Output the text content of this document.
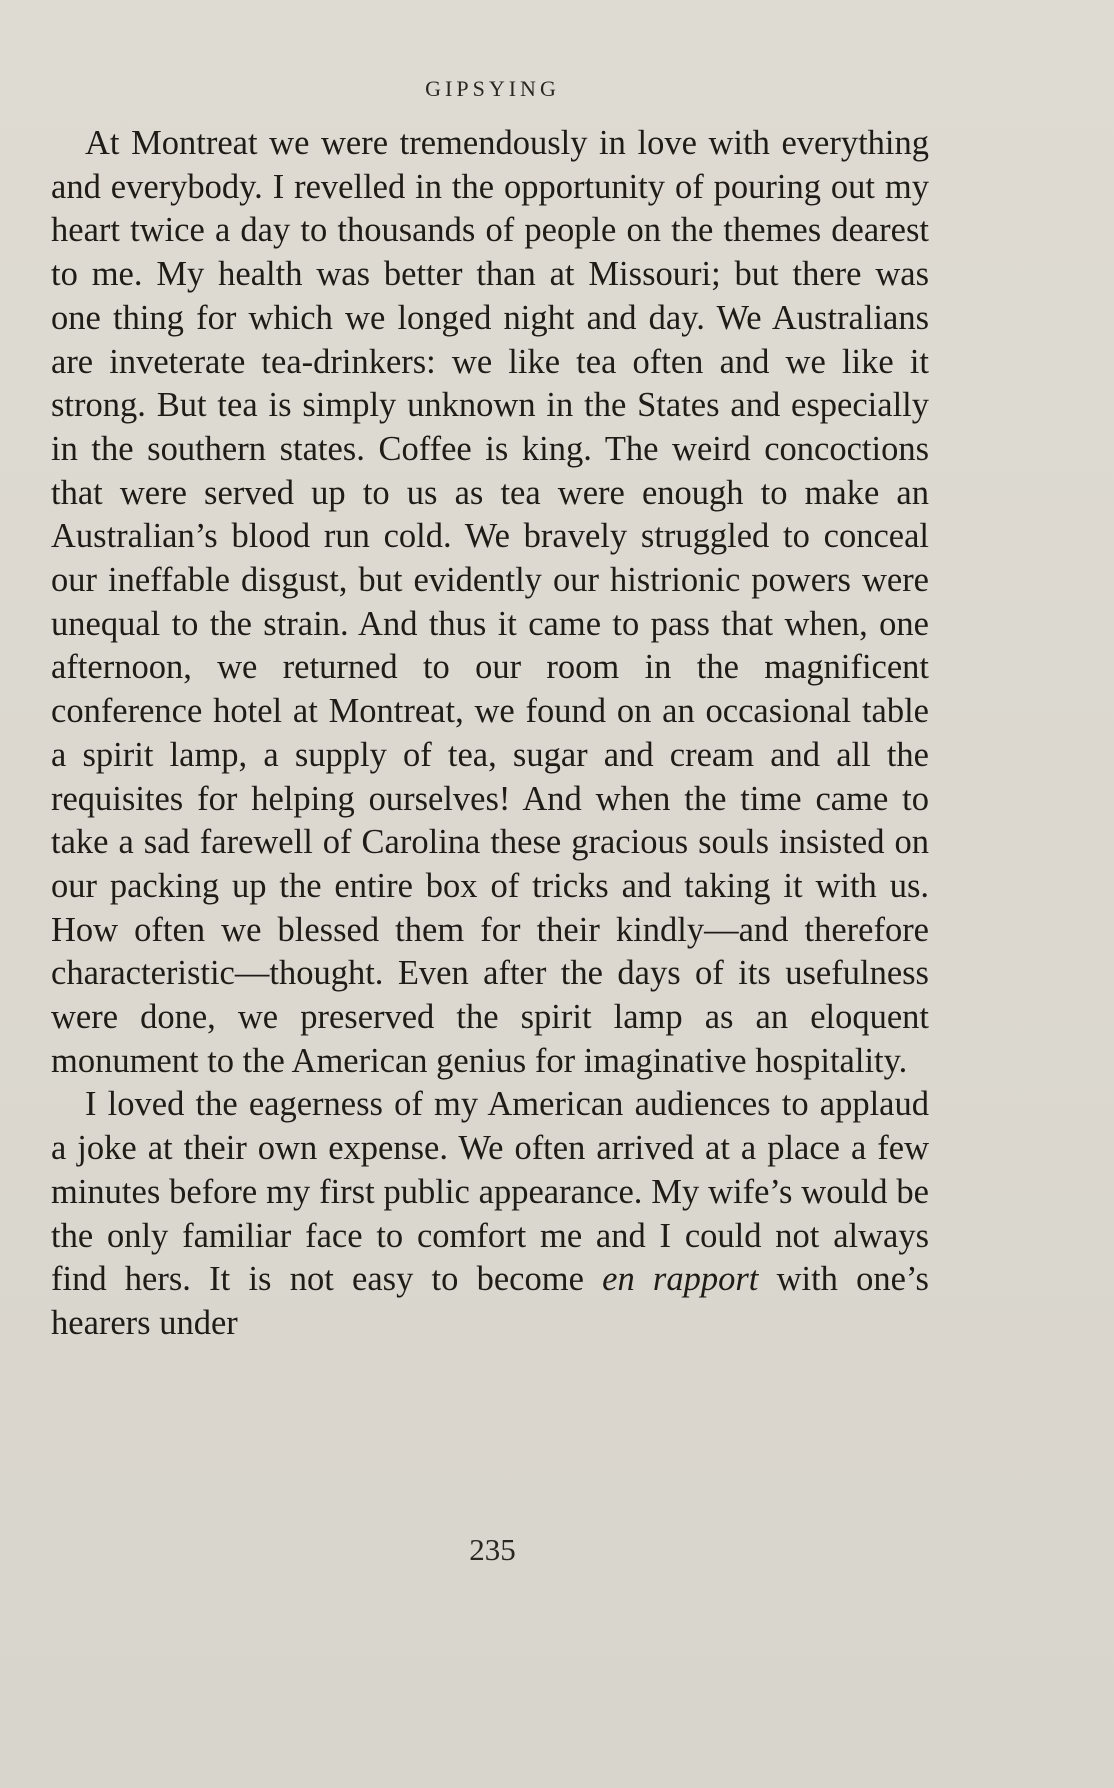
GIPSYING

At Montreat we were tremendously in love with everything and everybody. I revelled in the opportunity of pouring out my heart twice a day to thousands of people on the themes dearest to me. My health was better than at Missouri; but there was one thing for which we longed night and day. We Australians are inveterate tea-drinkers: we like tea often and we like it strong. But tea is simply unknown in the States and especially in the southern states. Coffee is king. The weird concoctions that were served up to us as tea were enough to make an Australian’s blood run cold. We bravely struggled to conceal our ineffable disgust, but evidently our histrionic powers were unequal to the strain. And thus it came to pass that when, one afternoon, we returned to our room in the magnificent conference hotel at Montreat, we found on an occasional table a spirit lamp, a supply of tea, sugar and cream and all the requisites for helping ourselves! And when the time came to take a sad farewell of Carolina these gracious souls insisted on our packing up the entire box of tricks and taking it with us. How often we blessed them for their kindly—and therefore characteristic—thought. Even after the days of its usefulness were done, we preserved the spirit lamp as an eloquent monument to the American genius for imaginative hospitality.

I loved the eagerness of my American audiences to applaud a joke at their own expense. We often arrived at a place a few minutes before my first public appearance. My wife’s would be the only familiar face to comfort me and I could not always find hers. It is not easy to become en rapport with one’s hearers under

235
